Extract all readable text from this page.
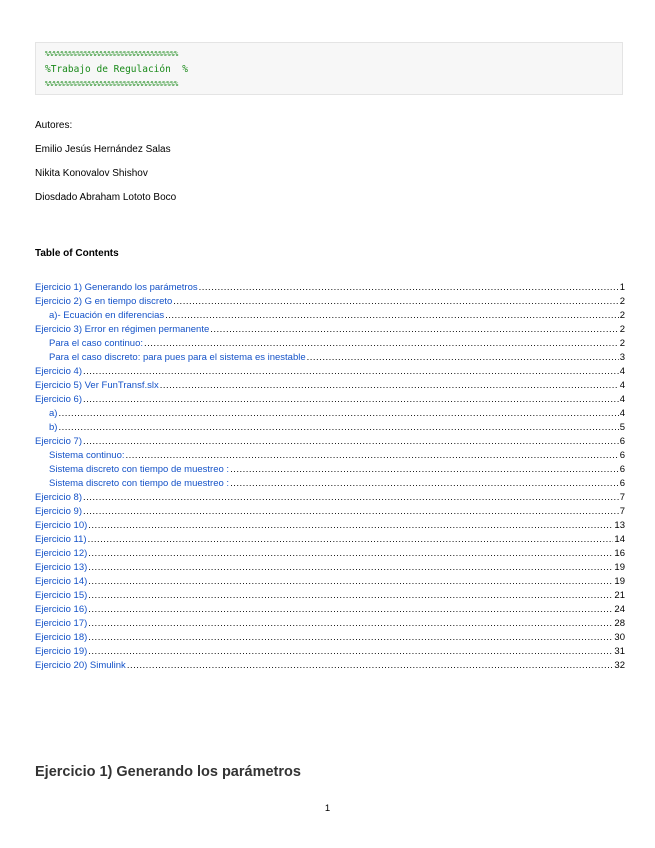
%%%%%%%%%%%%%%%%%%%%%%%%%%%%%%%%%%
%Trabajo de Regulación  %
%%%%%%%%%%%%%%%%%%%%%%%%%%%%%%%%%%
Autores:
Emilio Jesús Hernández Salas
Nikita Konovalov Shishov
Diosdado Abraham Lototo Boco
Table of Contents
Ejercicio 1) Generando los parámetros .....	1
Ejercicio 2) G en tiempo discreto .....	2
a)- Ecuación en diferencias .....	2
Ejercicio 3) Error en régimen permanente .....	2
Para el caso continuo: .....	2
Para el caso discreto: para pues para el sistema es inestable .....	3
Ejercicio 4) .....	4
Ejercicio 5) Ver FunTransf.slx .....	4
Ejercicio 6) .....	4
a) .....	4
b) .....	5
Ejercicio 7) .....	6
Sistema continuo: .....	6
Sistema discreto con tiempo de muestreo : .....	6
Sistema discreto con tiempo de muestreo : .....	6
Ejercicio 8) .....	7
Ejercicio 9) .....	7
Ejercicio 10) .....	13
Ejercicio 11) .....	14
Ejercicio 12) .....	16
Ejercicio 13) .....	19
Ejercicio 14) .....	19
Ejercicio 15) .....	21
Ejercicio 16) .....	24
Ejercicio 17) .....	28
Ejercicio 18) .....	30
Ejercicio 19) .....	31
Ejercicio 20) Simulink .....	32
Ejercicio 1) Generando los parámetros
1
